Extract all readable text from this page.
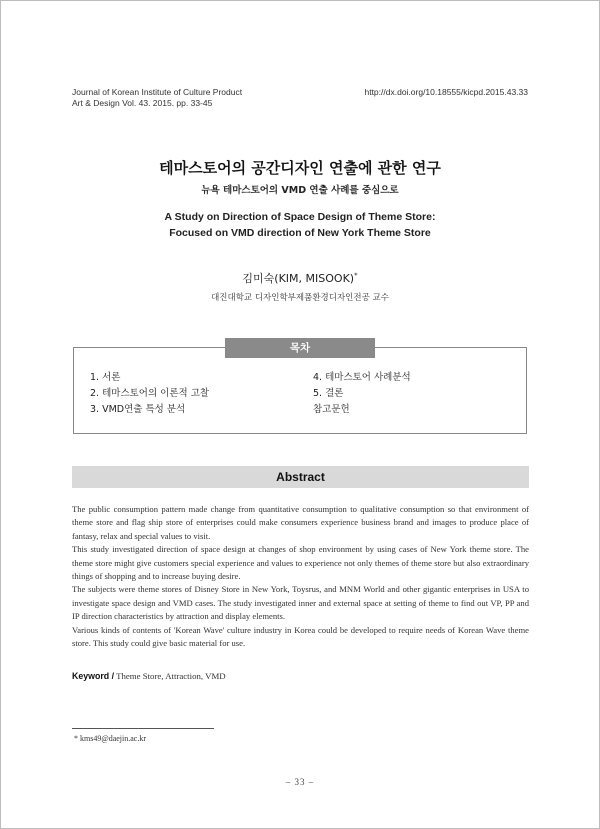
Journal of Korean Institute of Culture Product
Art & Design Vol. 43. 2015. pp. 33-45
http://dx.doi.org/10.18555/kicpd.2015.43.33
테마스토어의 공간디자인 연출에 관한 연구
뉴욕 테마스토어의 VMD 연출 사례를 중심으로
A Study on Direction of Space Design of Theme Store:
Focused on VMD direction of New York Theme Store
김미숙(KIM, MISOOK)*
대진대학교 디자인학부제품환경디자인전공 교수
목차
1. 서론
2. 테마스토어의 이론적 고찰
3. VMD연출 특성 분석
4. 테마스토어 사례분석
5. 결론
참고문헌
Abstract

The public consumption pattern made change from quantitative consumption to qualitative consumption so that environment of theme store and flag ship store of enterprises could make consumers experience business brand and images to produce place of fantasy, relax and special values to visit.

This study investigated direction of space design at changes of shop environment by using cases of New York theme store. The theme store might give customers special experience and values to experience not only themes of theme store but also extraordinary things of shopping and to increase buying desire.

The subjects were theme stores of Disney Store in New York, Toysrus, and MNM World and other gigantic enterprises in USA to investigate space design and VMD cases. The study investigated inner and external space at setting of theme to find out VP, PP and IP direction characteristics by attraction and display elements.

Various kinds of contents of 'Korean Wave' culture industry in Korea could be developed to require needs of Korean Wave theme store. This study could give basic material for use.

Keyword / Theme Store, Attraction, VMD
* kms49@daejin.ac.kr
– 33 –
